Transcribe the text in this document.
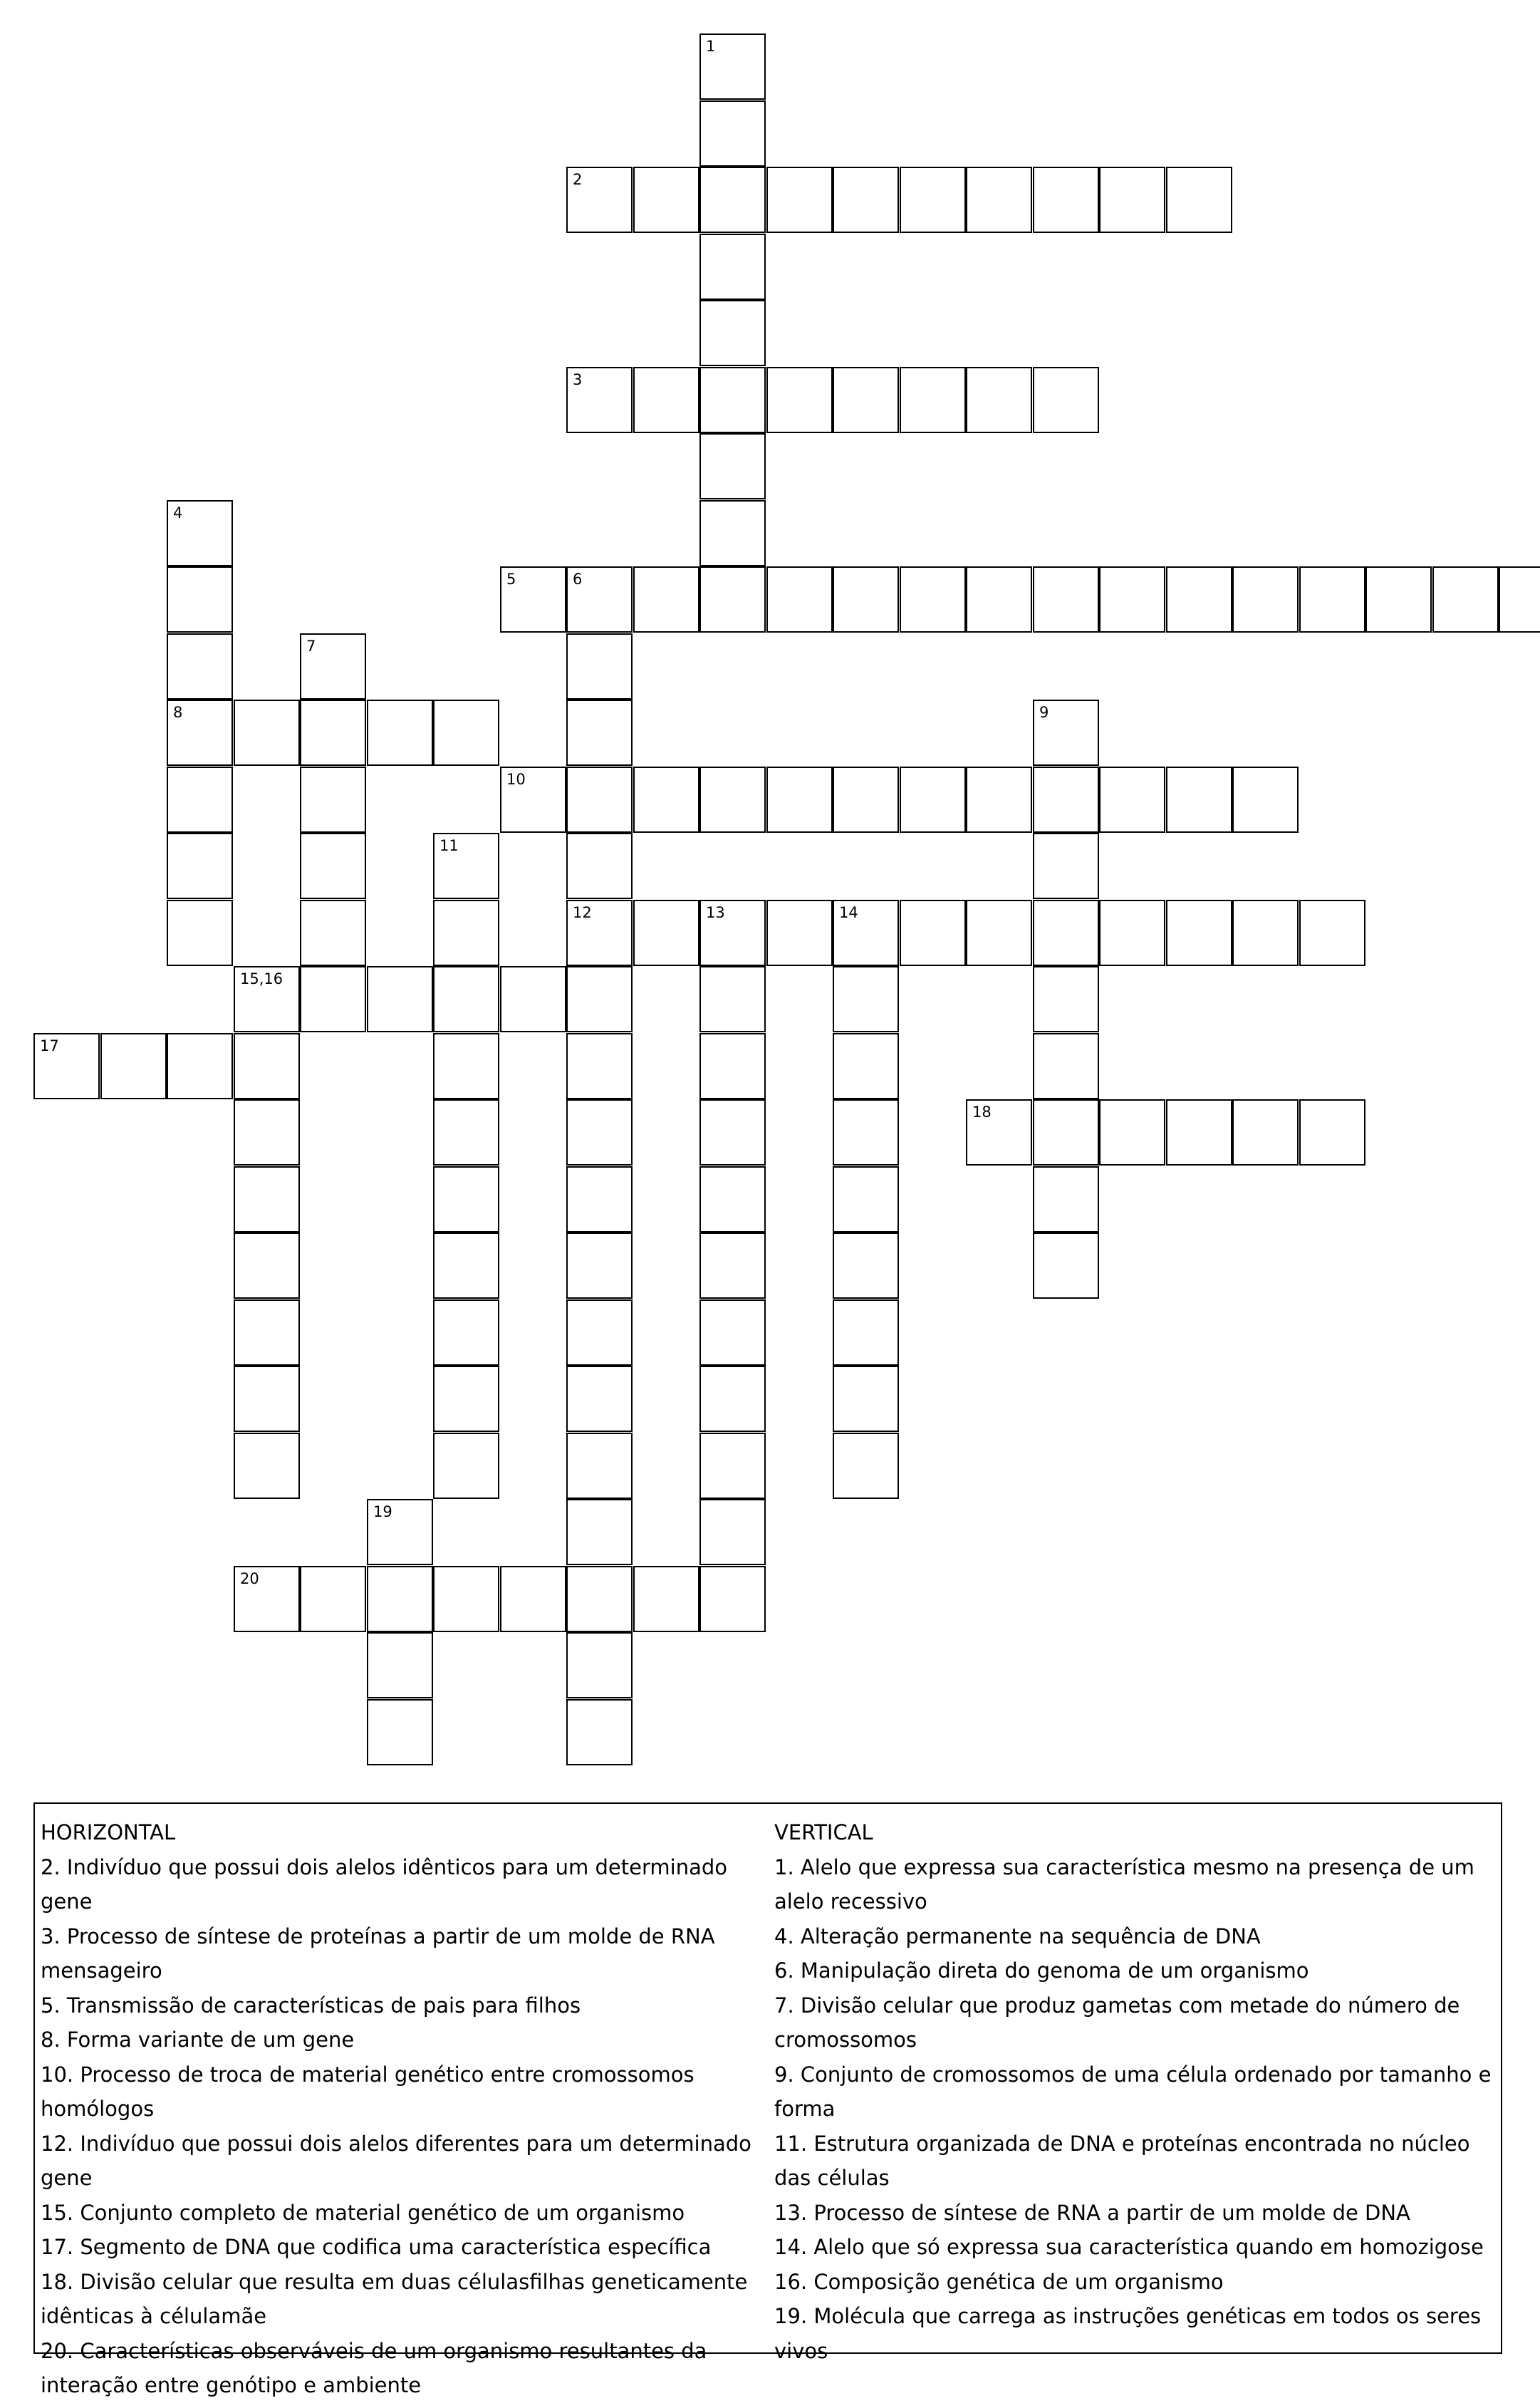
1
2
3
4
8
5	6
12
7
9
10
11
13	14
15,16
17
18
19
20
HORIZONTAL
2. Indivíduo que possui dois alelos idênticos para um determinado gene
3. Processo de síntese de proteínas a partir de um molde de RNA mensageiro
5. Transmissão de características de pais para filhos
8. Forma variante de um gene
10. Processo de troca de material genético entre cromossomos homólogos
12. Indivíduo que possui dois alelos diferentes para um determinado gene
15. Conjunto completo de material genético de um organismo
17. Segmento de DNA que codifica uma característica específica
18. Divisão celular que resulta em duas célulasfilhas geneticamente idênticas à célulamãe
20. Características observáveis de um organismo resultantes da interação entre genótipo e ambiente
VERTICAL
1. Alelo que expressa sua característica mesmo na presença de um alelo recessivo
4. Alteração permanente na sequência de DNA
6. Manipulação direta do genoma de um organismo
7. Divisão celular que produz gametas com metade do número de cromossomos
9. Conjunto de cromossomos de uma célula ordenado por tamanho e forma
11. Estrutura organizada de DNA e proteínas encontrada no núcleo das células
13. Processo de síntese de RNA a partir de um molde de DNA
14. Alelo que só expressa sua característica quando em homozigose
16. Composição genética de um organismo
19. Molécula que carrega as instruções genéticas em todos os seres vivos
